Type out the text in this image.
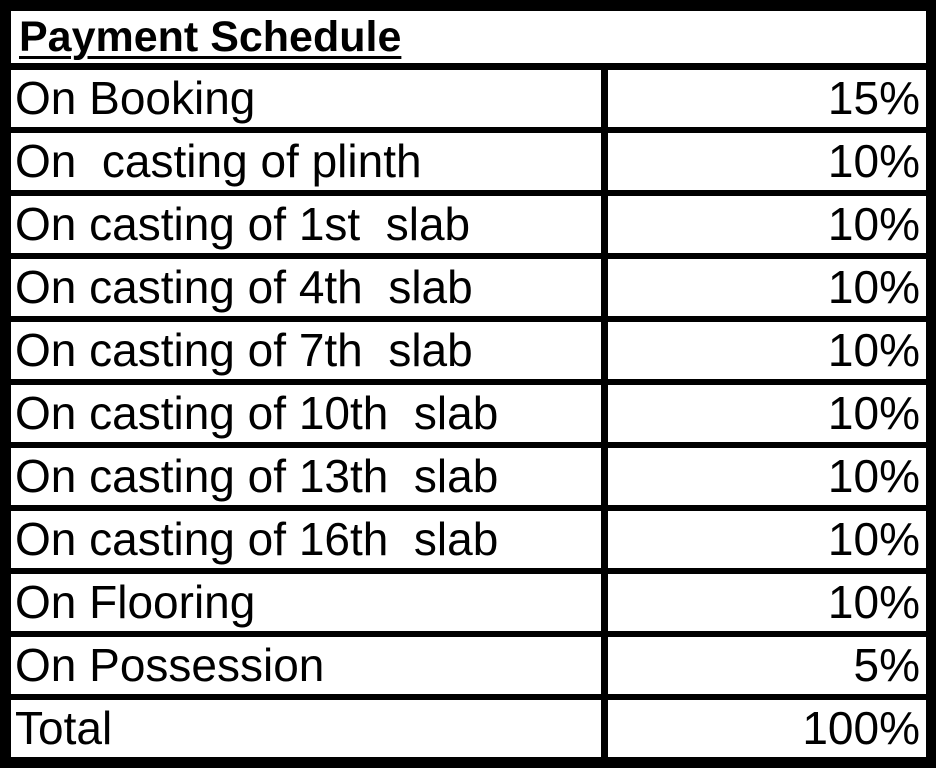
Payment Schedule
On Booking	15%
On  casting of plinth	10%
On casting of 1st  slab	10%
On casting of 4th  slab	10%
On casting of 7th  slab	10%
On casting of 10th  slab	10%
On casting of 13th  slab	10%
On casting of 16th  slab	10%
On Flooring	10%
On Possession	5%
Total	100%
